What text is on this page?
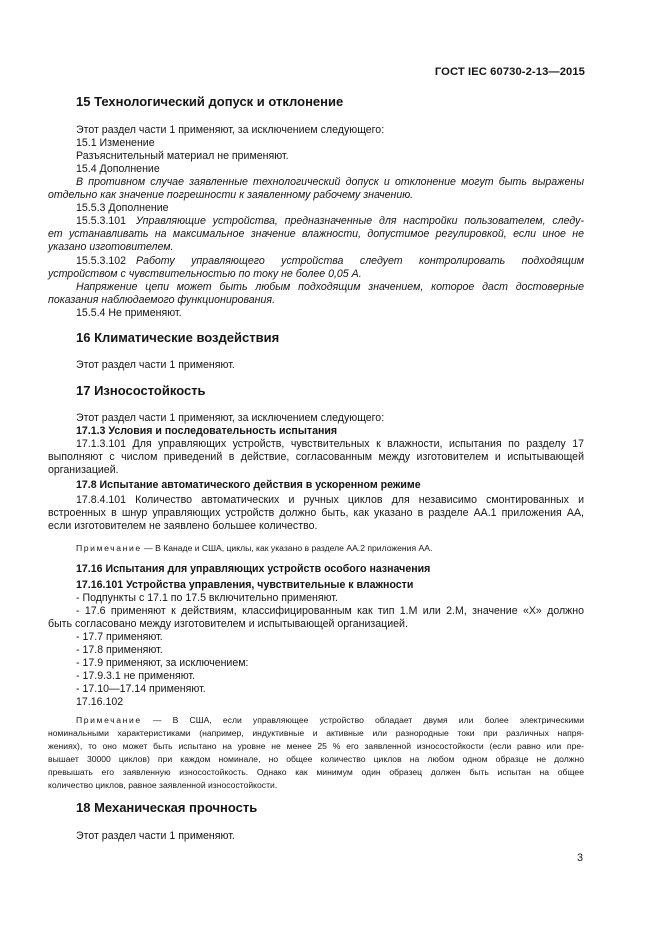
ГОСТ IEC 60730-2-13—2015
15 Технологический допуск и отклонение
Этот раздел части 1 применяют, за исключением следующего:
15.1 Изменение
Разъяснительный материал не применяют.
15.4 Дополнение
В противном случае заявленные технологический допуск и отклонение могут быть выражены
отдельно как значение погрешности к заявленному рабочему значению.
15.5.3 Дополнение
15.5.3.101 Управляющие устройства, предназначенные для настройки пользователем, следу-
ет устанавливать на максимальное значение влажности, допустимое регулировкой, если иное не
указано изготовителем.
15.5.3.102 Работу управляющего устройства следует контролировать подходящим
устройством с чувствительностью по току не более 0,05 А.
Напряжение цепи может быть любым подходящим значением, которое даст достоверные
показания наблюдаемого функционирования.
15.5.4 Не применяют.
16 Климатические воздействия
Этот раздел части 1 применяют.
17 Износостойкость
Этот раздел части 1 применяют, за исключением следующего:
17.1.3 Условия и последовательность испытания
17.1.3.101 Для управляющих устройств, чувствительных к влажности, испытания по разделу 17
выполняют с числом приведений в действие, согласованным между изготовителем и испытывающей
организацией.
17.8 Испытание автоматического действия в ускоренном режиме
17.8.4.101 Количество автоматических и ручных циклов для независимо смонтированных и
встроенных в шнур управляющих устройств должно быть, как указано в разделе АА.1 приложения АА,
если изготовителем не заявлено большее количество.
Примечание — В Канаде и США, циклы, как указано в разделе АА.2 приложения АА.
17.16 Испытания для управляющих устройств особого назначения
17.16.101 Устройства управления, чувствительные к влажности
- Подпункты с 17.1 по 17.5 включительно применяют.
- 17.6 применяют к действиям, классифицированным как тип 1.М или 2.М, значение «Х» должно
быть согласовано между изготовителем и испытывающей организацией.
- 17.7 применяют.
- 17.8 применяют.
- 17.9 применяют, за исключением:
- 17.9.3.1 не применяют.
- 17.10—17.14 применяют.
17.16.102
Примечание — В США, если управляющее устройство обладает двумя или более электрическими
номинальными характеристиками (например, индуктивные и активные или разнородные токи при различных напря-
жениях), то оно может быть испытано на уровне не менее 25 % его заявленной износостойкости (если равно или пре-
вышает 30000 циклов) при каждом номинале, но общее количество циклов на любом одном образце не должно
превышать его заявленную износостойкость. Однако как минимум один образец должен быть испытан на общее
количество циклов, равное заявленной износостойкости.
18 Механическая прочность
Этот раздел части 1 применяют.
3
